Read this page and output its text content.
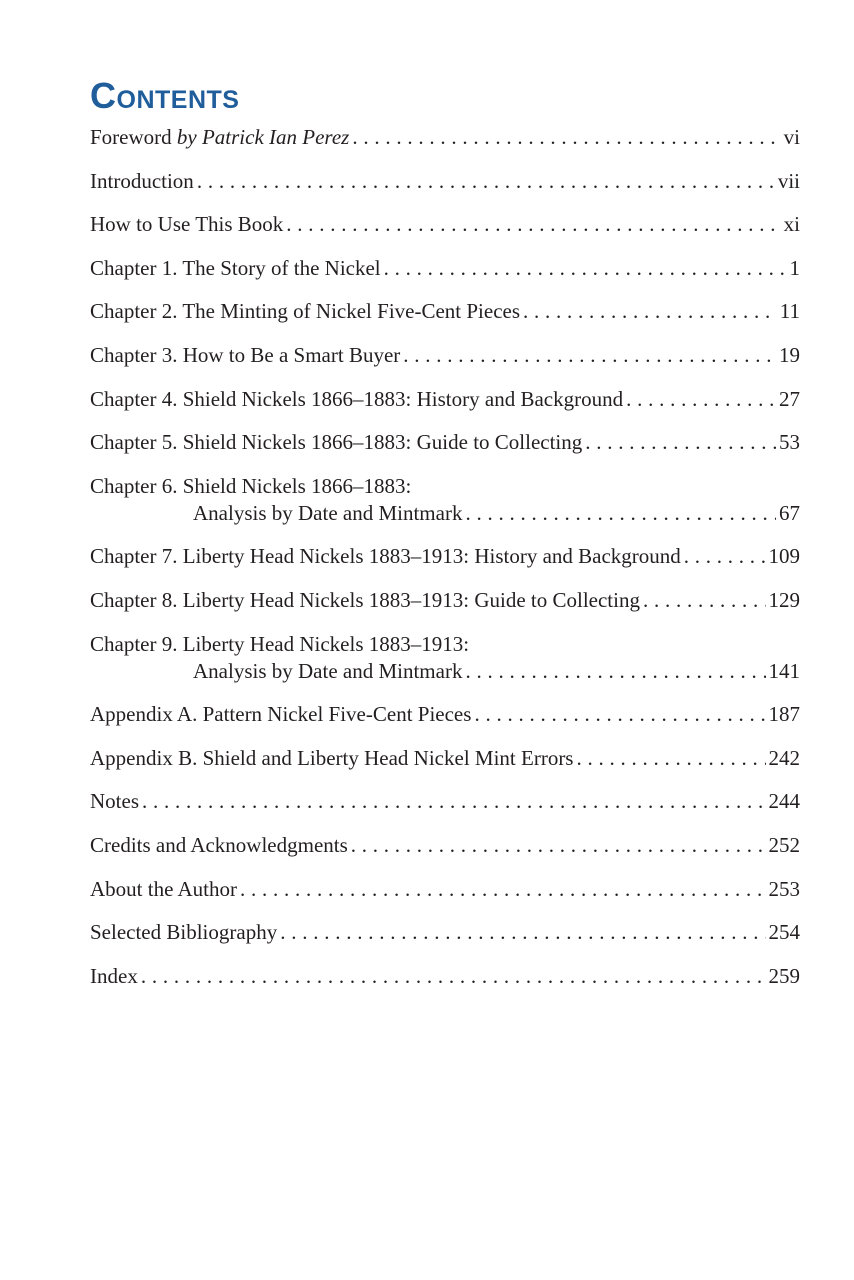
Contents
Foreword by Patrick Ian Perez . . .	vi
Introduction . . .	vii
How to Use This Book . . .	xi
Chapter 1. The Story of the Nickel . . .	1
Chapter 2. The Minting of Nickel Five-Cent Pieces . . .	11
Chapter 3. How to Be a Smart Buyer . . .	19
Chapter 4. Shield Nickels 1866–1883: History and Background . . .	27
Chapter 5. Shield Nickels 1866–1883: Guide to Collecting . . .	53
Chapter 6. Shield Nickels 1866–1883:
Analysis by Date and Mintmark . . .	67
Chapter 7. Liberty Head Nickels 1883–1913: History and Background . . .	109
Chapter 8. Liberty Head Nickels 1883–1913: Guide to Collecting . . .	129
Chapter 9. Liberty Head Nickels 1883–1913:
Analysis by Date and Mintmark . . .	141
Appendix A. Pattern Nickel Five-Cent Pieces . . .	187
Appendix B. Shield and Liberty Head Nickel Mint Errors . . .	242
Notes . . .	244
Credits and Acknowledgments . . .	252
About the Author . . .	253
Selected Bibliography . . .	254
Index . . .	259
